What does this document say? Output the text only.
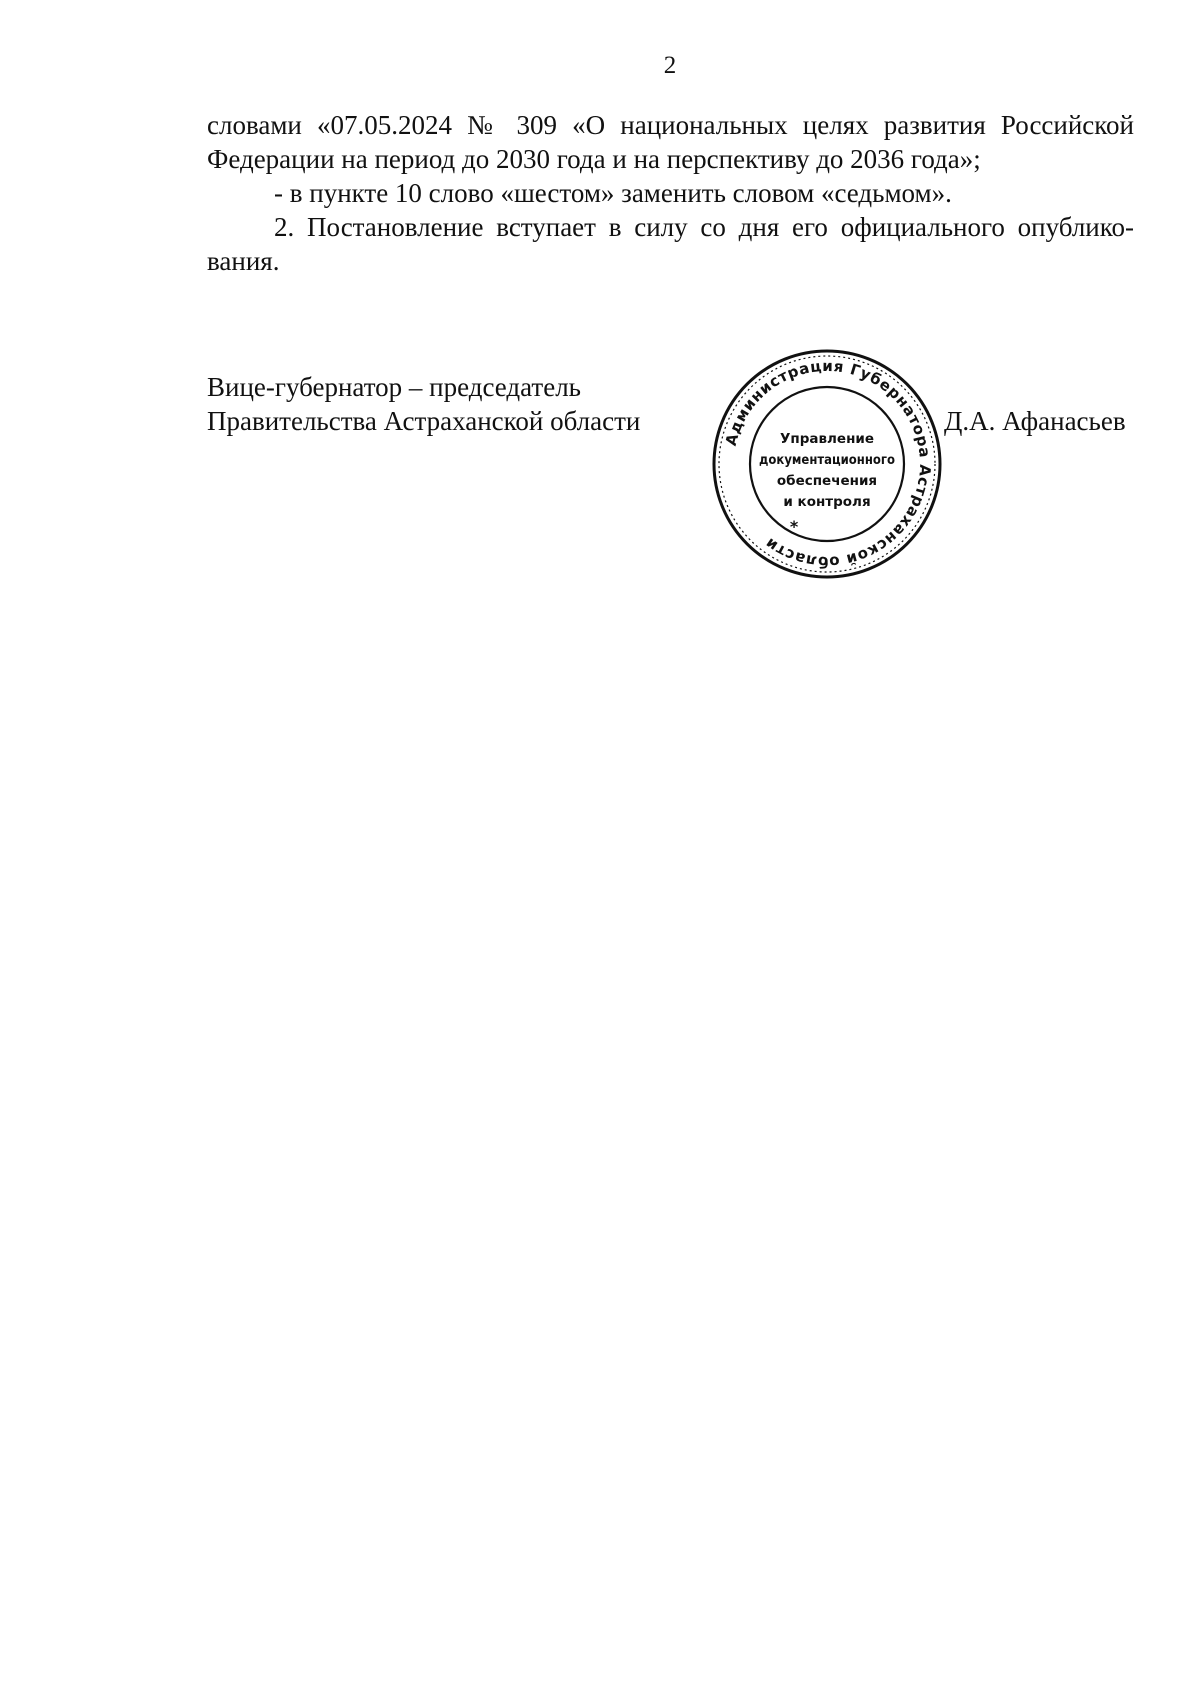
2

словами «07.05.2024 № 309 «О национальных целях развития Российской Федерации на период до 2030 года и на перспективу до 2036 года»;

- в пункте 10 слово «шестом» заменить словом «седьмом».

2. Постановление вступает в силу со дня его официального опублико-вания.

Вице-губернатор – председатель
Правительства Астраханской области	Д.А. Афанасьев
Администрация Губернатора Астраханской области
*
Управление
документационного
обеспечения
и контроля
